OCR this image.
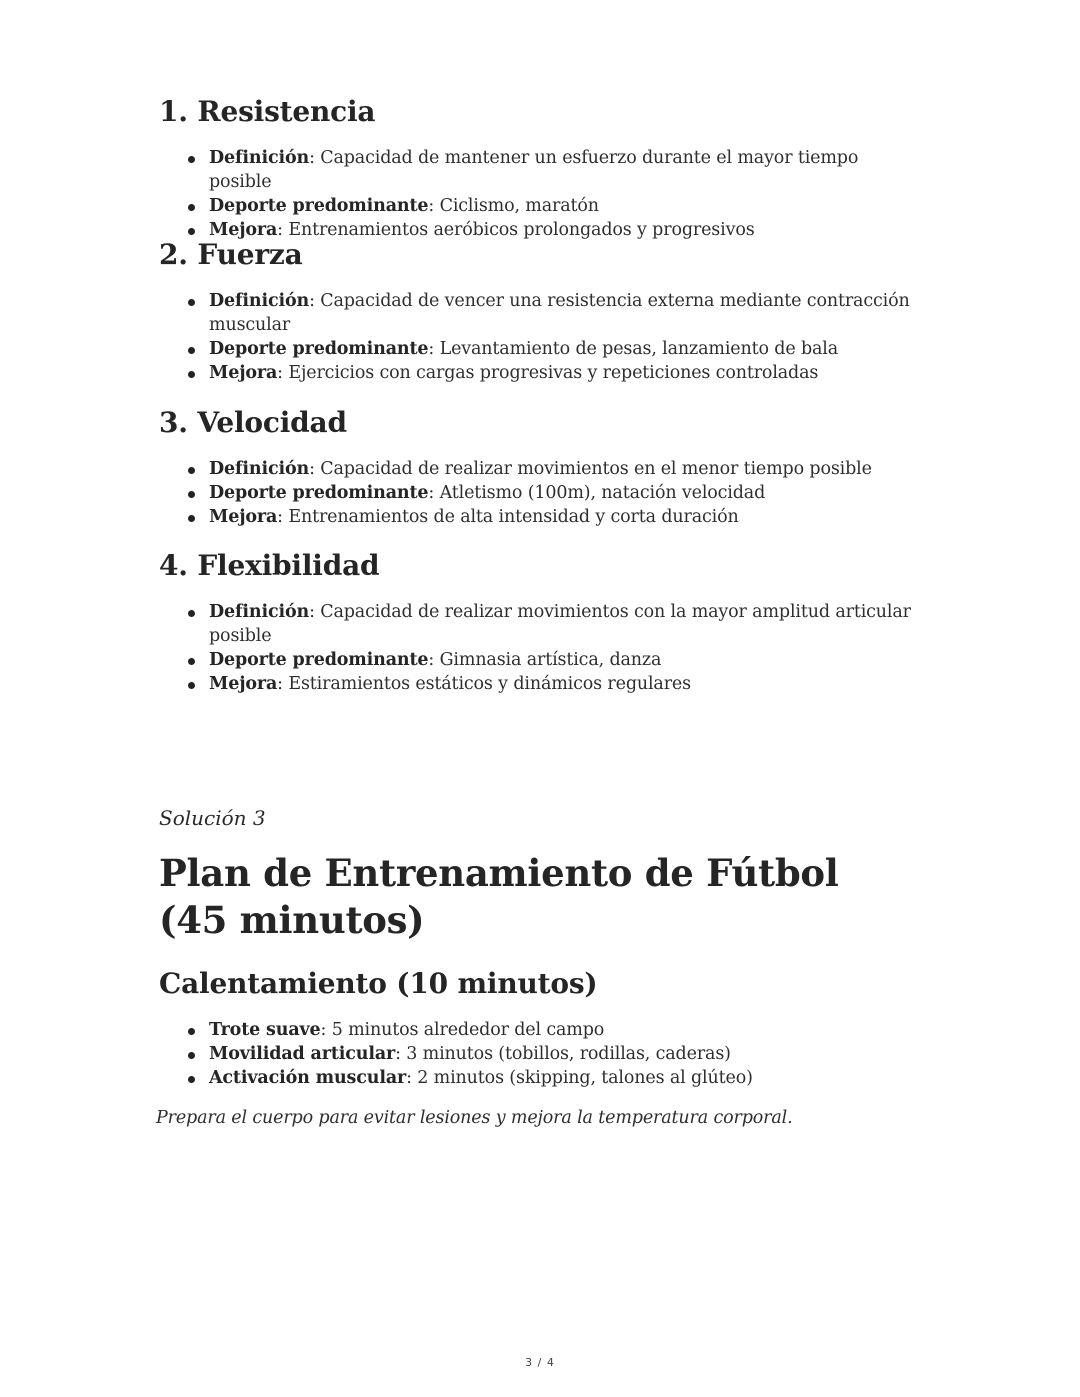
1. Resistencia
Definición: Capacidad de mantener un esfuerzo durante el mayor tiempo posible
Deporte predominante: Ciclismo, maratón
Mejora: Entrenamientos aeróbicos prolongados y progresivos
2. Fuerza
Definición: Capacidad de vencer una resistencia externa mediante contracción muscular
Deporte predominante: Levantamiento de pesas, lanzamiento de bala
Mejora: Ejercicios con cargas progresivas y repeticiones controladas
3. Velocidad
Definición: Capacidad de realizar movimientos en el menor tiempo posible
Deporte predominante: Atletismo (100m), natación velocidad
Mejora: Entrenamientos de alta intensidad y corta duración
4. Flexibilidad
Definición: Capacidad de realizar movimientos con la mayor amplitud articular posible
Deporte predominante: Gimnasia artística, danza
Mejora: Estiramientos estáticos y dinámicos regulares
Solución 3
Plan de Entrenamiento de Fútbol (45 minutos)
Calentamiento (10 minutos)
Trote suave: 5 minutos alrededor del campo
Movilidad articular: 3 minutos (tobillos, rodillas, caderas)
Activación muscular: 2 minutos (skipping, talones al glúteo)
Prepara el cuerpo para evitar lesiones y mejora la temperatura corporal.
3 / 4
